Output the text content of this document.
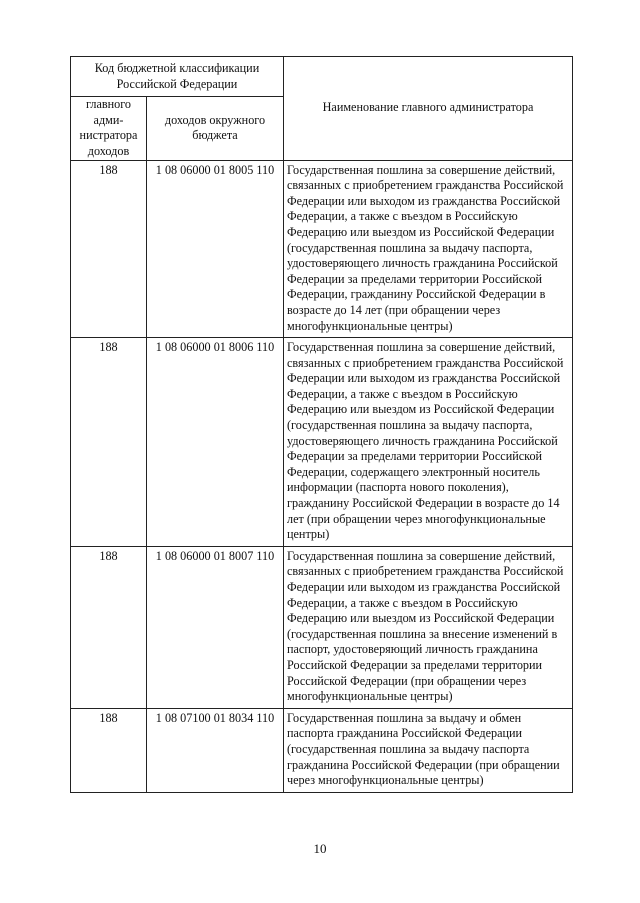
Код бюджетной классификации Российской Федерации		Наименование главного администратора
главного адми-нистратора доходов	доходов окружного бюджета	
188	1 08 06000 01 8005 110	Государственная пошлина за совершение действий, связанных с приобретением гражданства Российской Федерации или выходом из гражданства Российской Федерации, а также с въездом в Российскую Федерацию или выездом из Российской Федерации (государственная пошлина за выдачу паспорта, удостоверяющего личность гражданина Российской Федерации за пределами территории Российской Федерации, гражданину Российской Федерации в возрасте до 14 лет (при обращении через многофункциональные центры)
188	1 08 06000 01 8006 110	Государственная пошлина за совершение действий, связанных с приобретением гражданства Российской Федерации или выходом из гражданства Российской Федерации, а также с въездом в Российскую Федерацию или выездом из Российской Федерации (государственная пошлина за выдачу паспорта, удостоверяющего личность гражданина Российской Федерации за пределами территории Российской Федерации, содержащего электронный носитель информации (паспорта нового поколения), гражданину Российской Федерации в возрасте до 14 лет (при обращении через многофункциональные центры)
188	1 08 06000 01 8007 110	Государственная пошлина за совершение действий, связанных с приобретением гражданства Российской Федерации или выходом из гражданства Российской Федерации, а также с въездом в Российскую Федерацию или выездом из Российской Федерации (государственная пошлина за внесение изменений в паспорт, удостоверяющий личность гражданина Российской Федерации за пределами территории Российской Федерации (при обращении через многофункциональные центры)
188	1 08 07100 01 8034 110	Государственная пошлина за выдачу и обмен паспорта гражданина Российской Федерации (государственная пошлина за выдачу паспорта гражданина Российской Федерации (при обращении через многофункциональные центры)
10
